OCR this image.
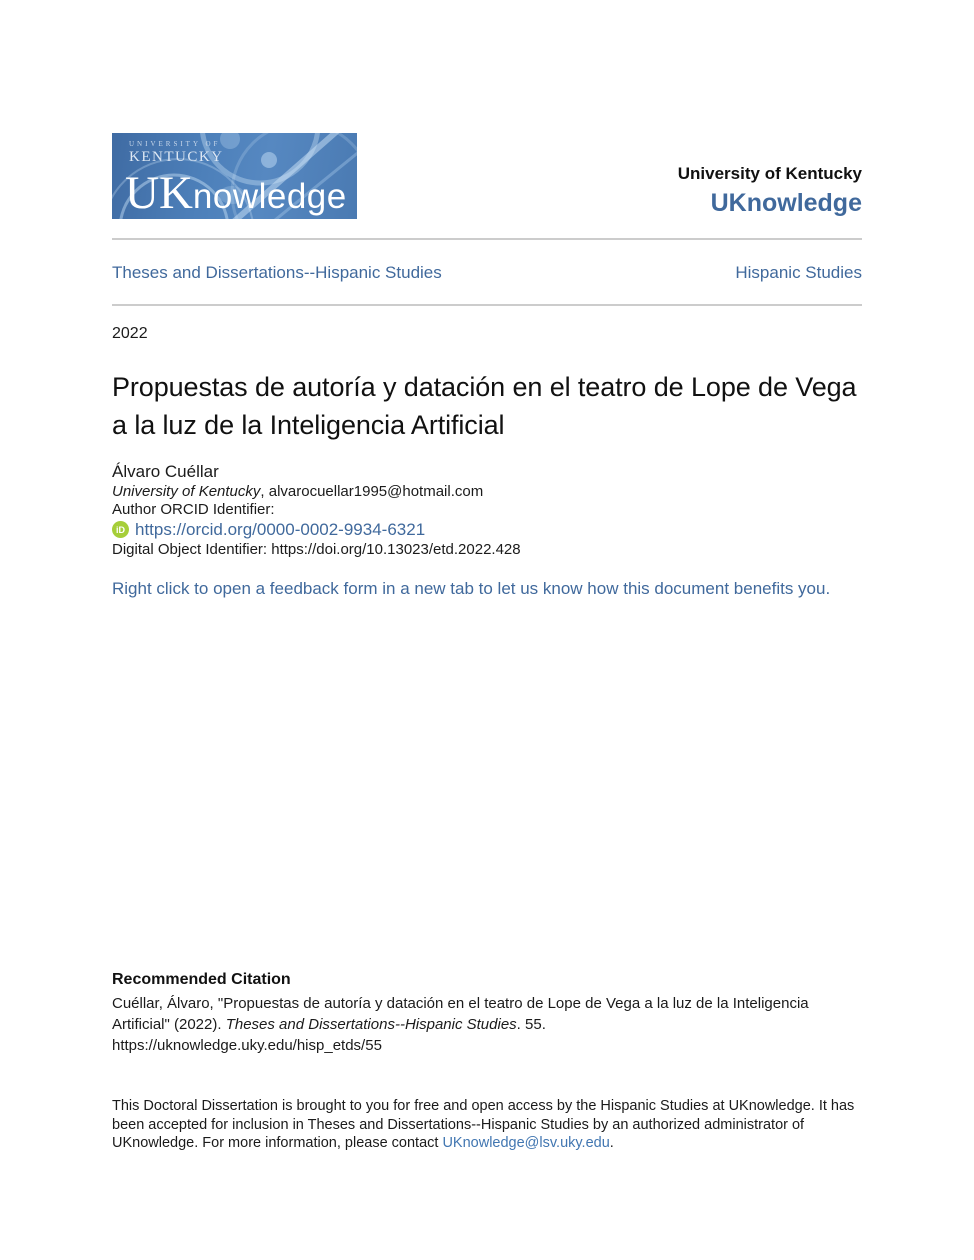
UNIVERSITY OF
KENTUCKY
UKnowledge
University of Kentucky
UKnowledge
Theses and Dissertations--Hispanic Studies	Hispanic Studies
2022
Propuestas de autoría y datación en el teatro de Lope de Vega a la luz de la Inteligencia Artificial
Álvaro Cuéllar

University of Kentucky, alvarocuellar1995@hotmail.com

Author ORCID Identifier:
iD https://orcid.org/0000-0002-9934-6321
Digital Object Identifier: https://doi.org/10.13023/etd.2022.428
Right click to open a feedback form in a new tab to let us know how this document benefits you.
Recommended Citation

Cuéllar, Álvaro, "Propuestas de autoría y datación en el teatro de Lope de Vega a la luz de la Inteligencia Artificial" (2022). Theses and Dissertations--Hispanic Studies. 55.
https://uknowledge.uky.edu/hisp_etds/55

This Doctoral Dissertation is brought to you for free and open access by the Hispanic Studies at UKnowledge. It has been accepted for inclusion in Theses and Dissertations--Hispanic Studies by an authorized administrator of UKnowledge. For more information, please contact UKnowledge@lsv.uky.edu.
